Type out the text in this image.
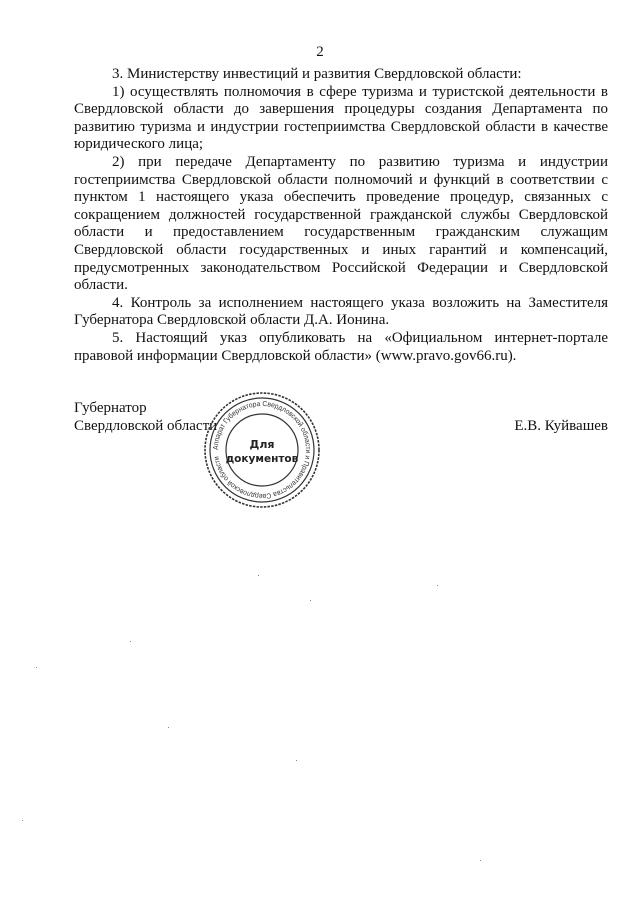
2

3. Министерству инвестиций и развития Свердловской области:

1) осуществлять полномочия в сфере туризма и туристской деятельности в Свердловской области до завершения процедуры создания Департамента по развитию туризма и индустрии гостеприимства Свердловской области в качестве юридического лица;

2) при передаче Департаменту по развитию туризма и индустрии гостеприимства Свердловской области полномочий и функций в соответствии с пунктом 1 настоящего указа обеспечить проведение процедур, связанных с сокращением должностей государственной гражданской службы Свердловской области и предоставлением государственным гражданским служащим Свердловской области государственных и иных гарантий и компенсаций, предусмотренных законодательством Российской Федерации и Свердловской области.

4. Контроль за исполнением настоящего указа возложить на Заместителя Губернатора Свердловской области Д.А. Ионина.

5. Настоящий указ опубликовать на «Официальном интернет-портале правовой информации Свердловской области» (www.pravo.gov66.ru).

Губернатор
Свердловской области	Е.В. Куйвашев
Аппарат Губернатора Свердловской области и Правительства Свердловской области
Для
документов
